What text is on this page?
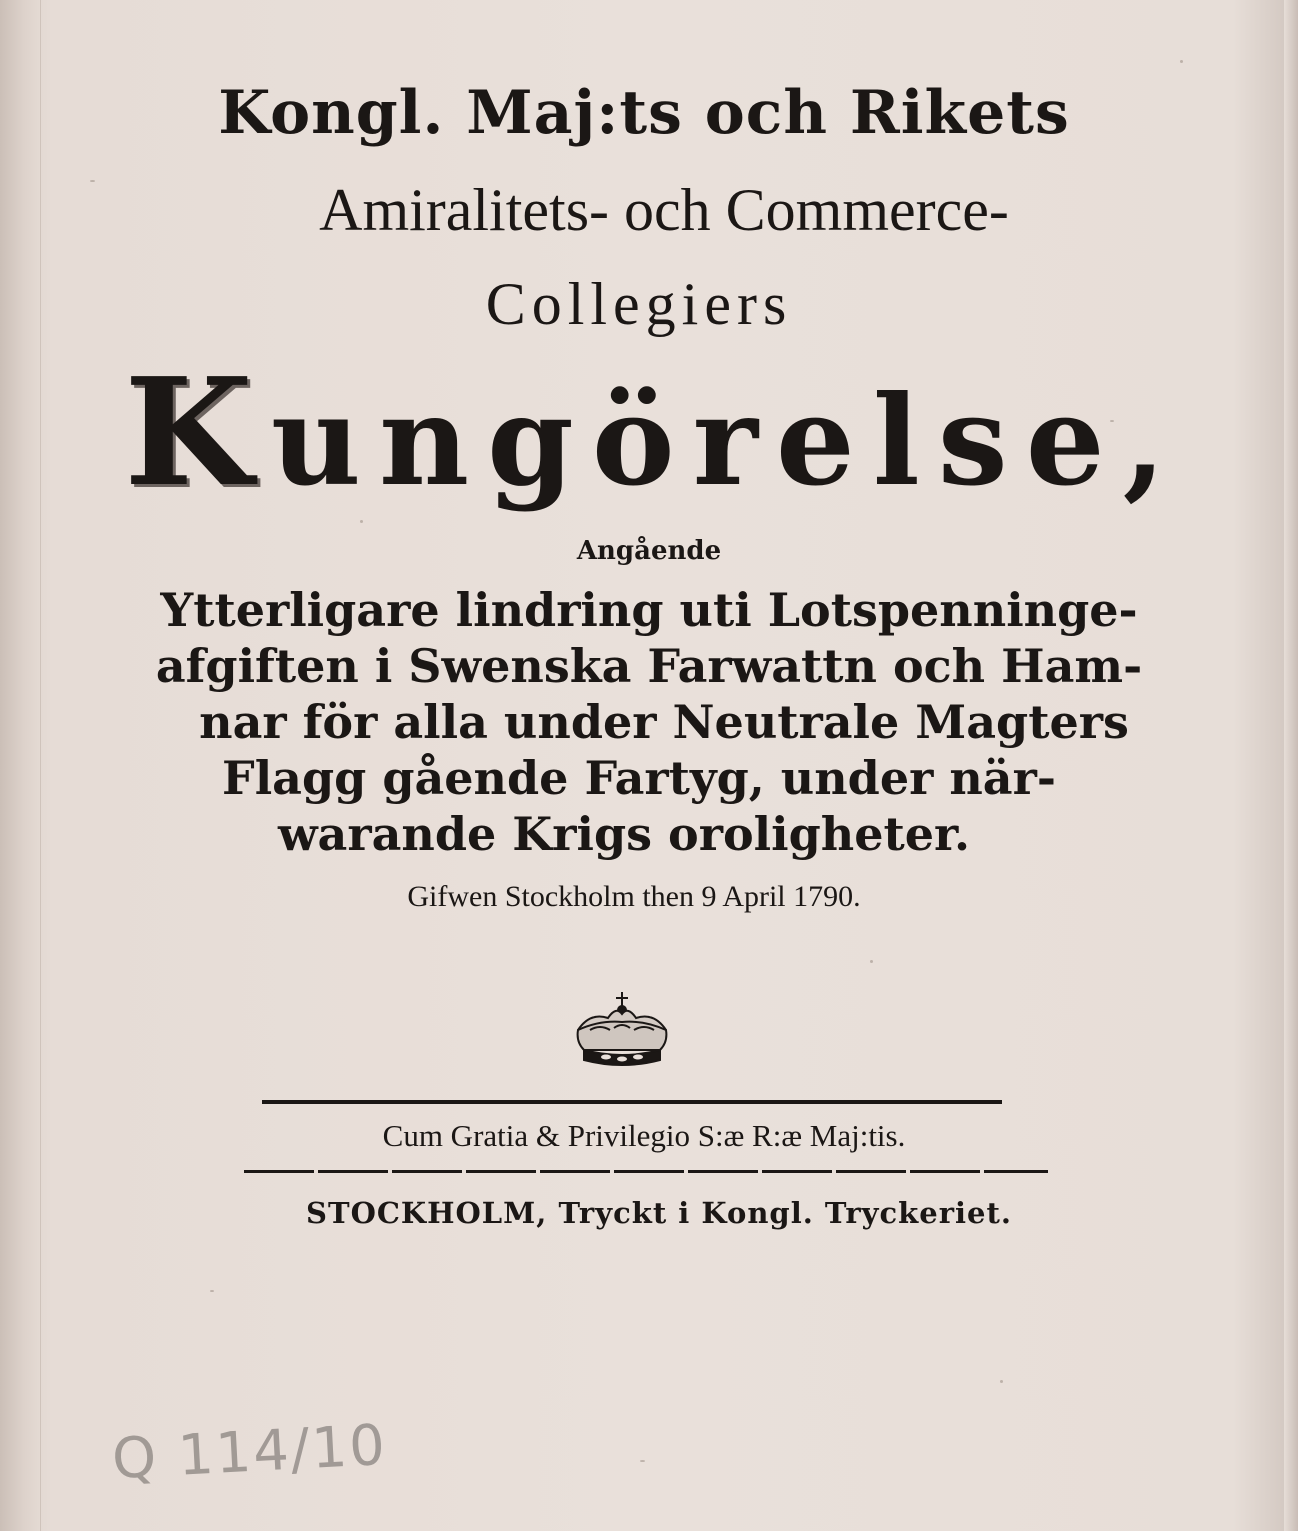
Kongl. Maj:ts och Rikets
Amiralitets- och Commerce-
Collegiers
Kungörelse,
Angående
Ytterligare lindring uti Lotspenninge-
afgiften i Swenska Farwattn och Ham-
nar för alla under Neutrale Magters
Flagg gående Fartyg, under när-
warande Krigs oroligheter.
Gifwen Stockholm then 9 April 1790.
Cum Gratia & Privilegio S:æ R:æ Maj:tis.
STOCKHOLM, Tryckt i Kongl. Tryckeriet.
Q 114/10
